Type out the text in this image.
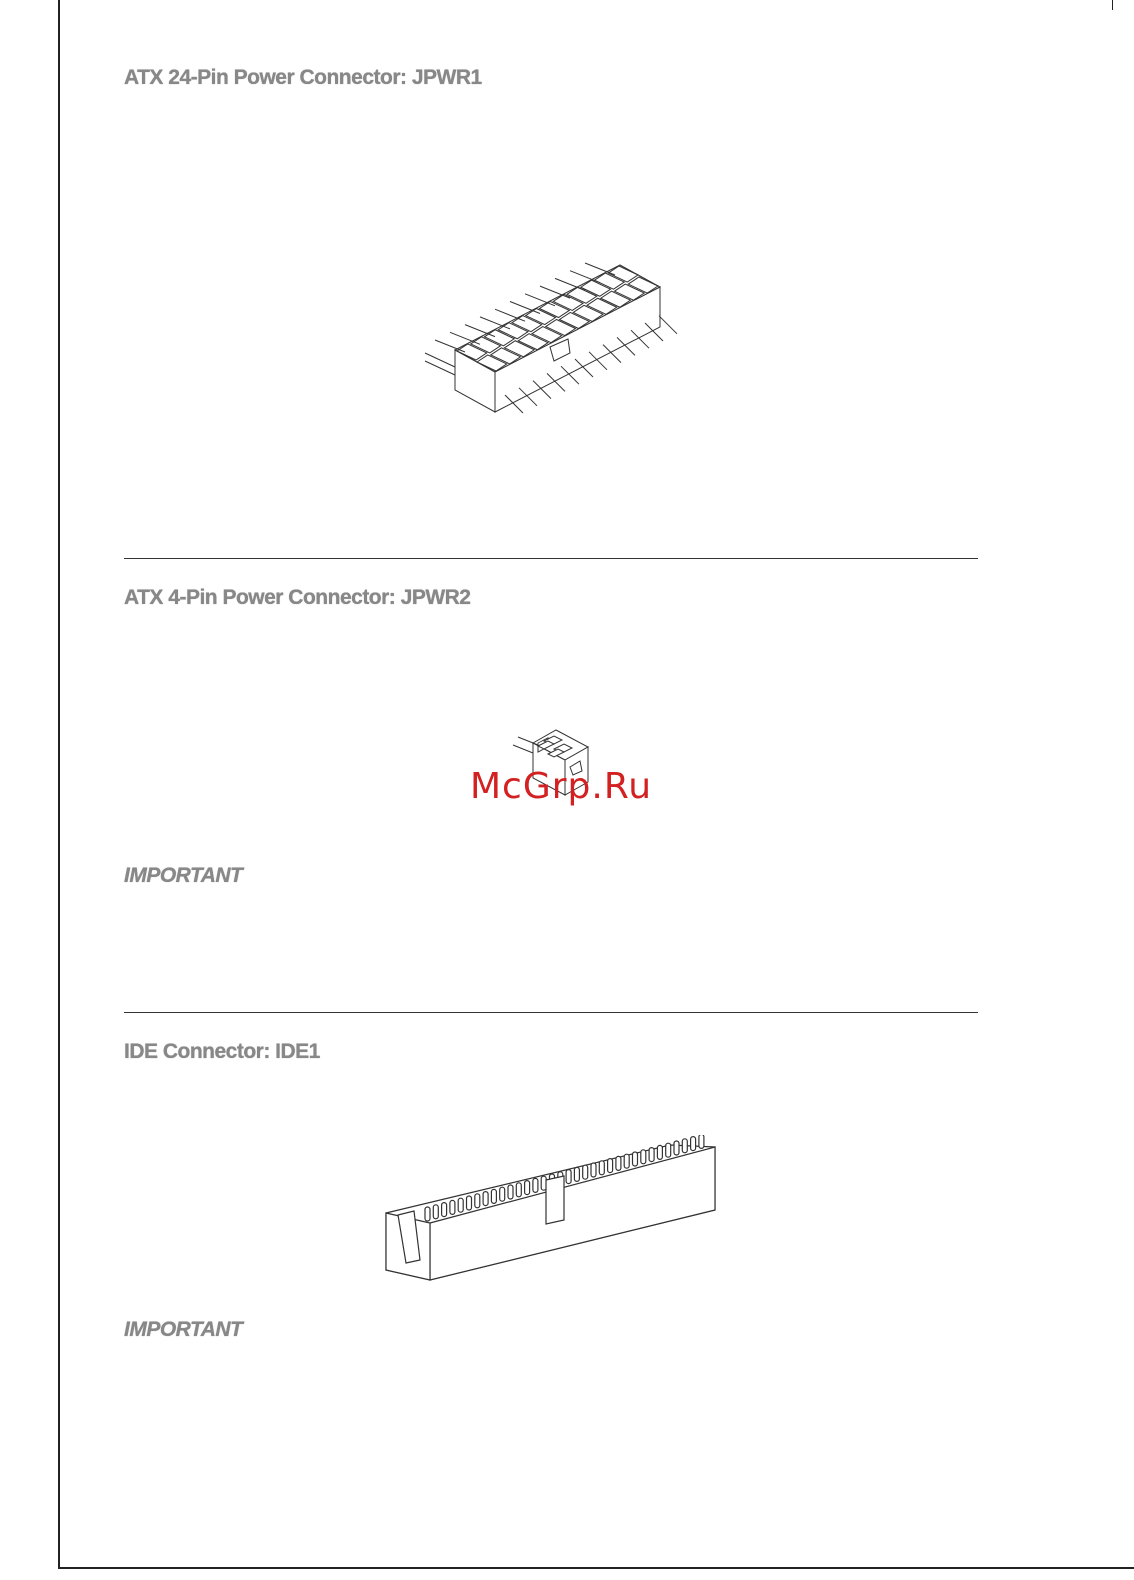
ATX 24-Pin Power Connector: JPWR1
ATX 4-Pin Power Connector: JPWR2
McGrp.Ru
IMPORTANT
IDE Connector: IDE1
IMPORTANT
